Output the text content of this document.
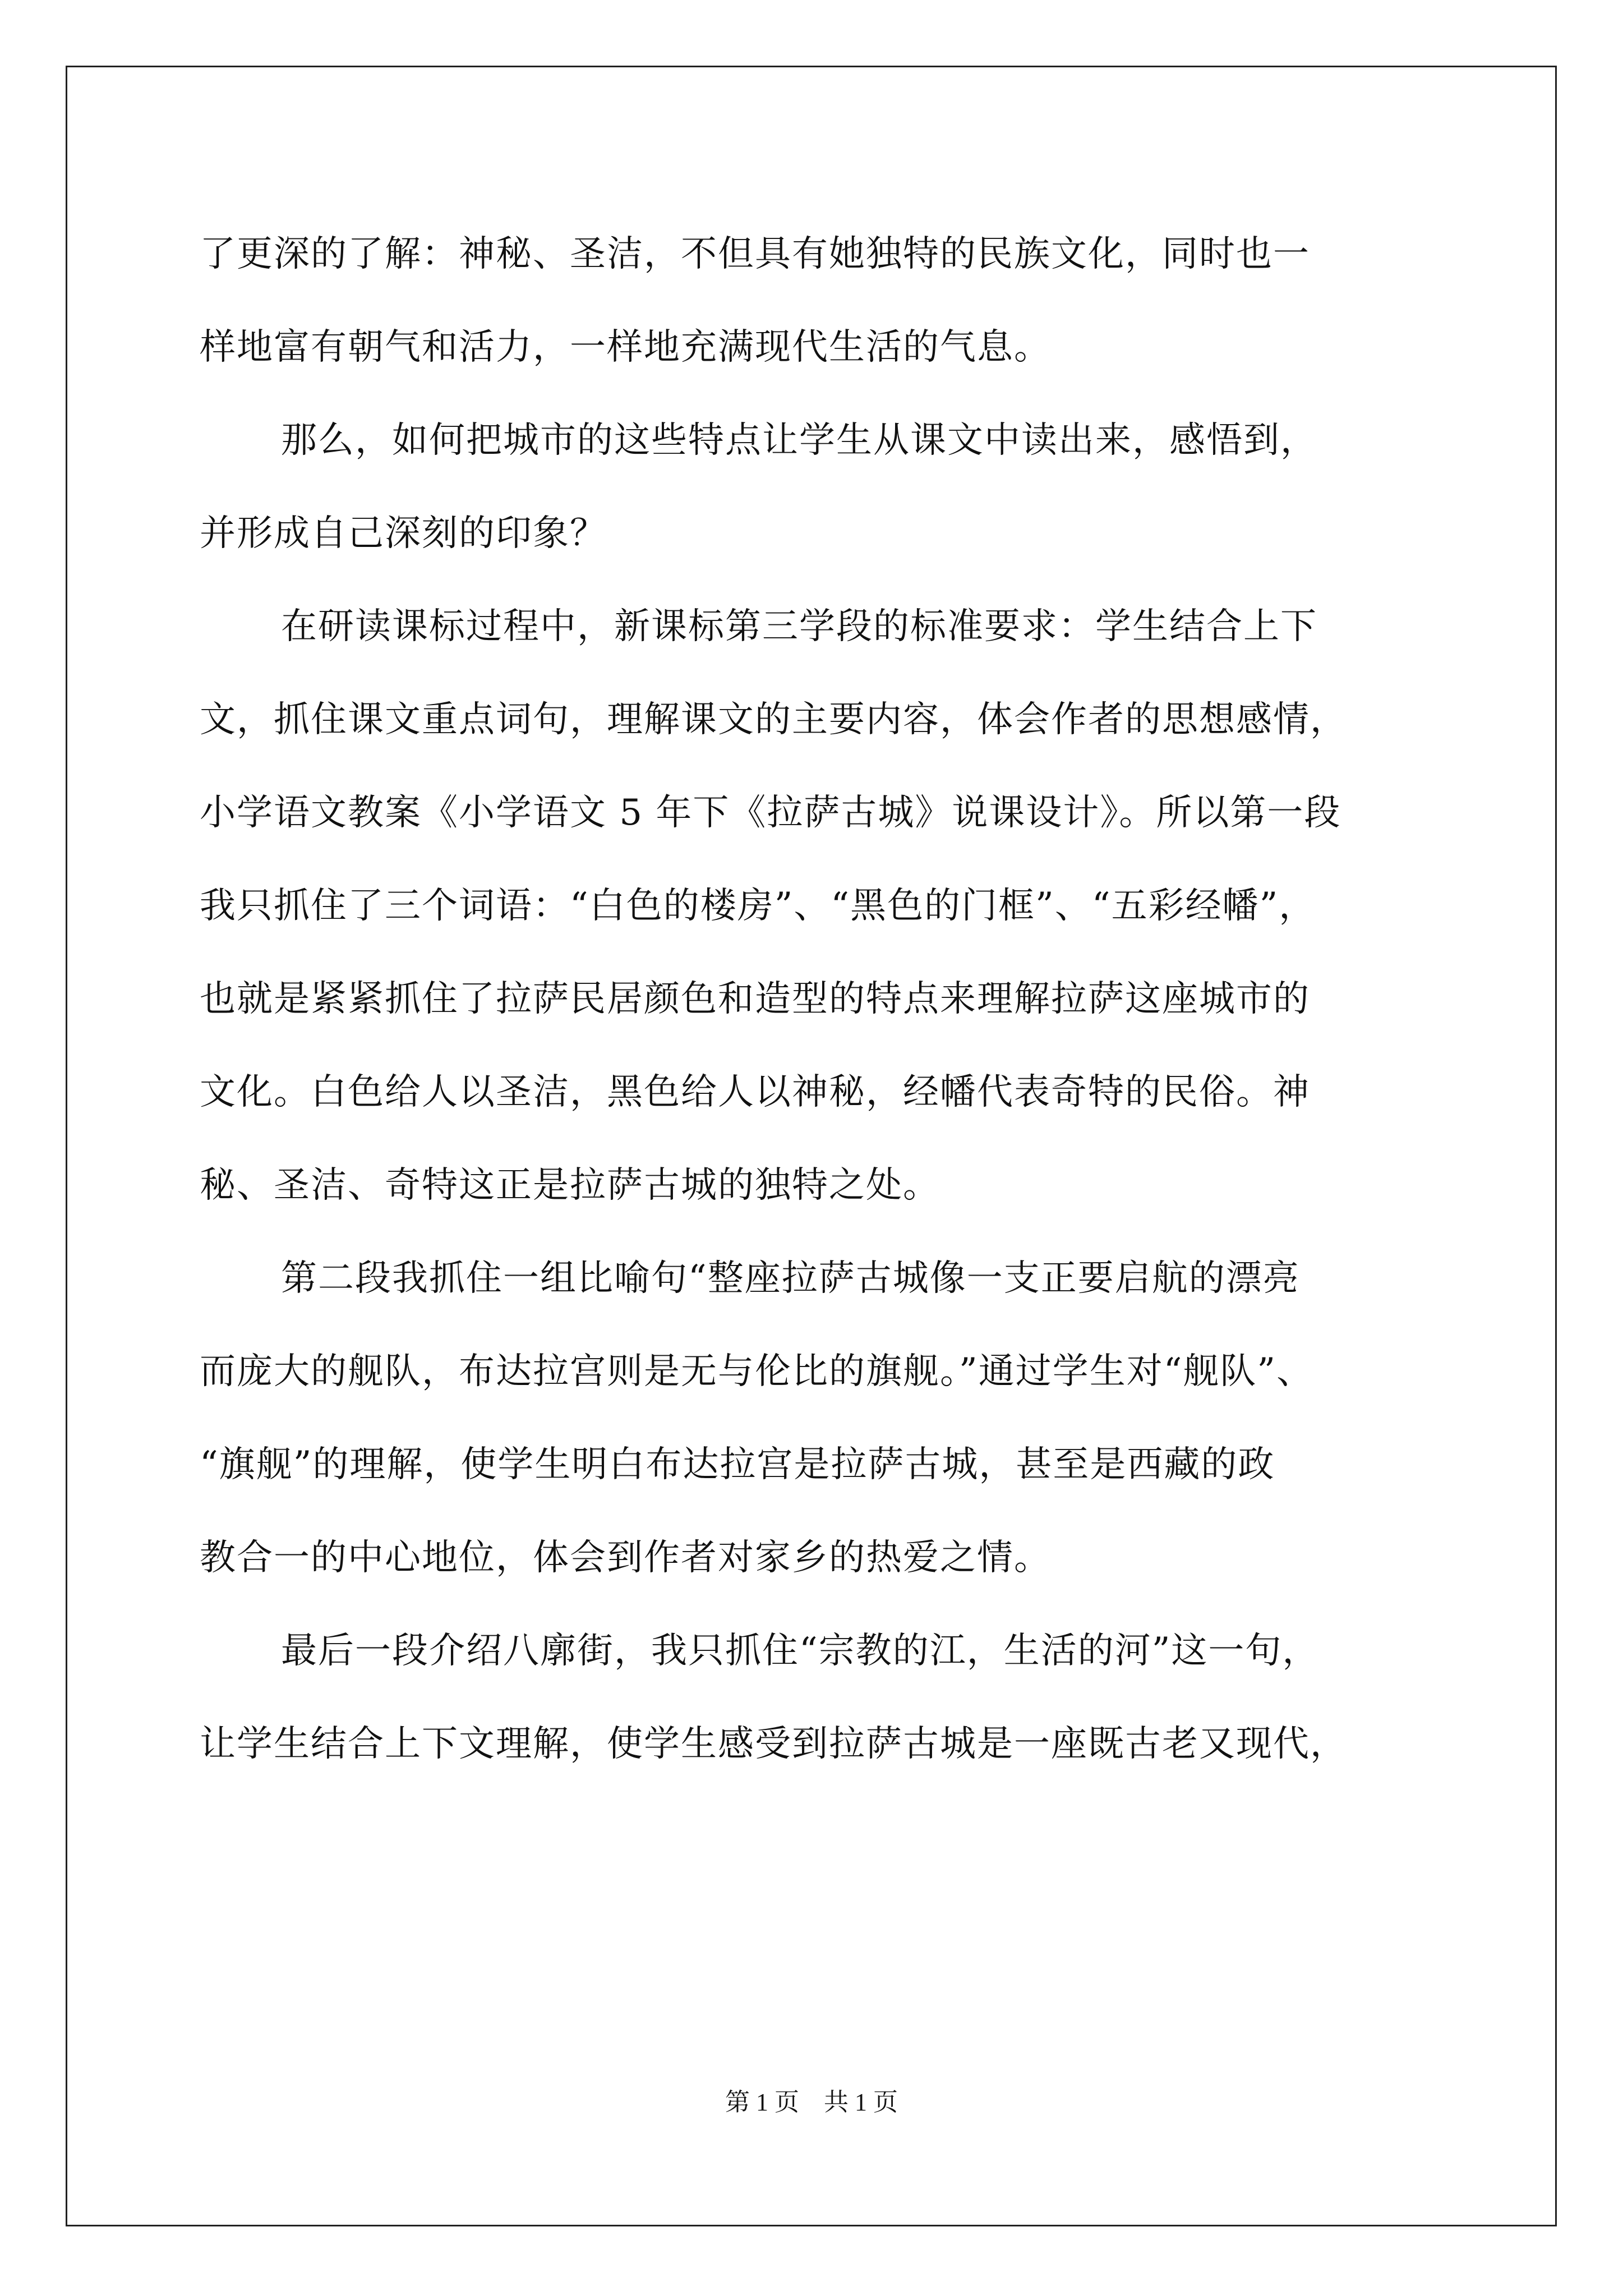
了更深的了解：神秘、圣洁，不但具有她独特的民族文化，同时也一
样地富有朝气和活力，一样地充满现代生活的气息。
那么，如何把城市的这些特点让学生从课文中读出来，感悟到，
并形成自己深刻的印象？
在研读课标过程中，新课标第三学段的标准要求：学生结合上下
文，抓住课文重点词句，理解课文的主要内容，体会作者的思想感情，
小学语文教案《小学语文 5 年下《拉萨古城》说课设计》。所以第一段
我只抓住了三个词语：“白色的楼房”、“黑色的门框”、“五彩经幡”，
也就是紧紧抓住了拉萨民居颜色和造型的特点来理解拉萨这座城市的
文化。白色给人以圣洁，黑色给人以神秘，经幡代表奇特的民俗。神
秘、圣洁、奇特这正是拉萨古城的独特之处。
第二段我抓住一组比喻句“整座拉萨古城像一支正要启航的漂亮
而庞大的舰队，布达拉宫则是无与伦比的旗舰。”通过学生对“舰队”、
“旗舰”的理解，使学生明白布达拉宫是拉萨古城，甚至是西藏的政
教合一的中心地位，体会到作者对家乡的热爱之情。
最后一段介绍八廓街，我只抓住“宗教的江，生活的河”这一句，
让学生结合上下文理解，使学生感受到拉萨古城是一座既古老又现代，
第 1 页　共 1 页
